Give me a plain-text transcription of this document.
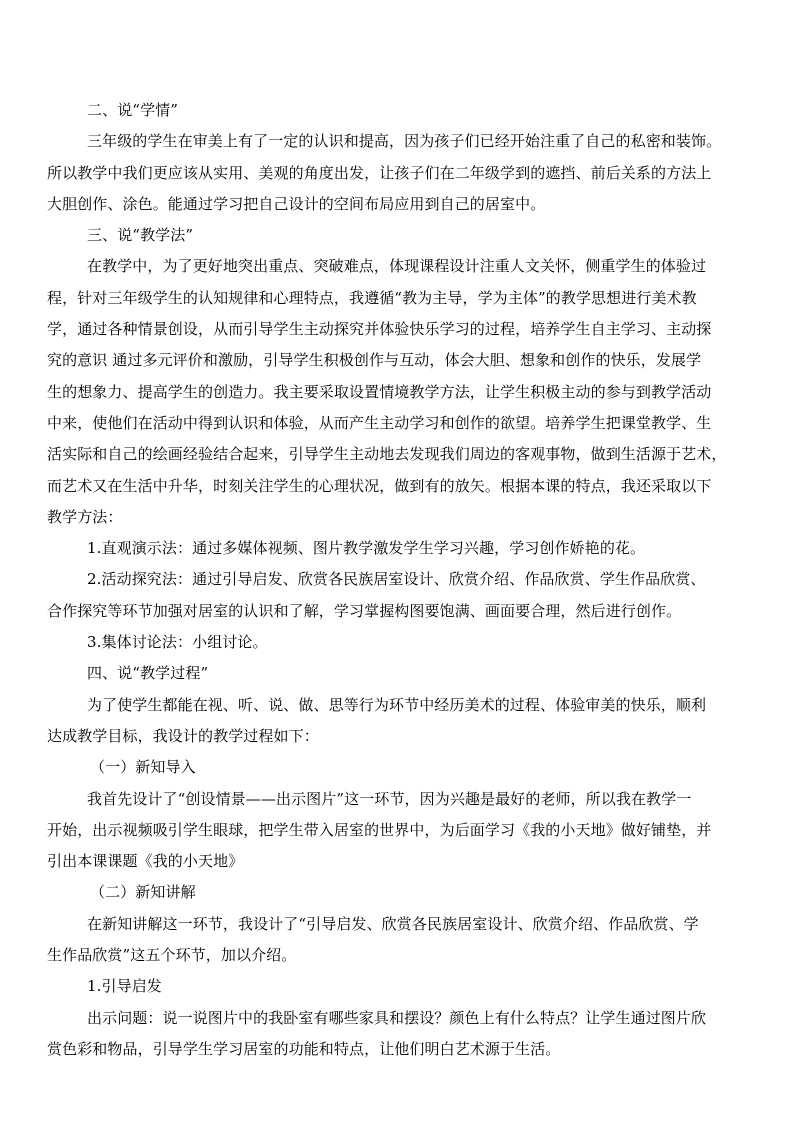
二、说“学情”
三年级的学生在审美上有了一定的认识和提高，因为孩子们已经开始注重了自己的私密和装饰。
所以教学中我们更应该从实用、美观的角度出发，让孩子们在二年级学到的遮挡、前后关系的方法上
大胆创作、涂色。能通过学习把自己设计的空间布局应用到自己的居室中。
三、说“教学法”
在教学中，为了更好地突出重点、突破难点，体现课程设计注重人文关怀，侧重学生的体验过
程，针对三年级学生的认知规律和心理特点，我遵循“教为主导，学为主体”的教学思想进行美术教
学，通过各种情景创设，从而引导学生主动探究并体验快乐学习的过程，培养学生自主学习、主动探
究的意识 通过多元评价和激励，引导学生积极创作与互动，体会大胆、想象和创作的快乐，发展学
生的想象力、提高学生的创造力。我主要采取设置情境教学方法，让学生积极主动的参与到教学活动
中来，使他们在活动中得到认识和体验，从而产生主动学习和创作的欲望。培养学生把课堂教学、生
活实际和自己的绘画经验结合起来，引导学生主动地去发现我们周边的客观事物，做到生活源于艺术，
而艺术又在生活中升华，时刻关注学生的心理状况，做到有的放矢。根据本课的特点，我还采取以下
教学方法：
1.直观演示法：通过多媒体视频、图片教学激发学生学习兴趣，学习创作娇艳的花。
2.活动探究法：通过引导启发、欣赏各民族居室设计、欣赏介绍、作品欣赏、学生作品欣赏、
合作探究等环节加强对居室的认识和了解，学习掌握构图要饱满、画面要合理，然后进行创作。
3.集体讨论法：小组讨论。
四、说“教学过程”
为了使学生都能在视、听、说、做、思等行为环节中经历美术的过程、体验审美的快乐，顺利
达成教学目标，我设计的教学过程如下：
（一）新知导入
我首先设计了“创设情景——出示图片”这一环节，因为兴趣是最好的老师，所以我在教学一
开始，出示视频吸引学生眼球，把学生带入居室的世界中，为后面学习《我的小天地》做好铺垫，并
引出本课课题《我的小天地》
（二）新知讲解
在新知讲解这一环节，我设计了“引导启发、欣赏各民族居室设计、欣赏介绍、作品欣赏、学
生作品欣赏”这五个环节，加以介绍。
1.引导启发
出示问题：说一说图片中的我卧室有哪些家具和摆设？颜色上有什么特点？让学生通过图片欣
赏色彩和物品，引导学生学习居室的功能和特点，让他们明白艺术源于生活。
